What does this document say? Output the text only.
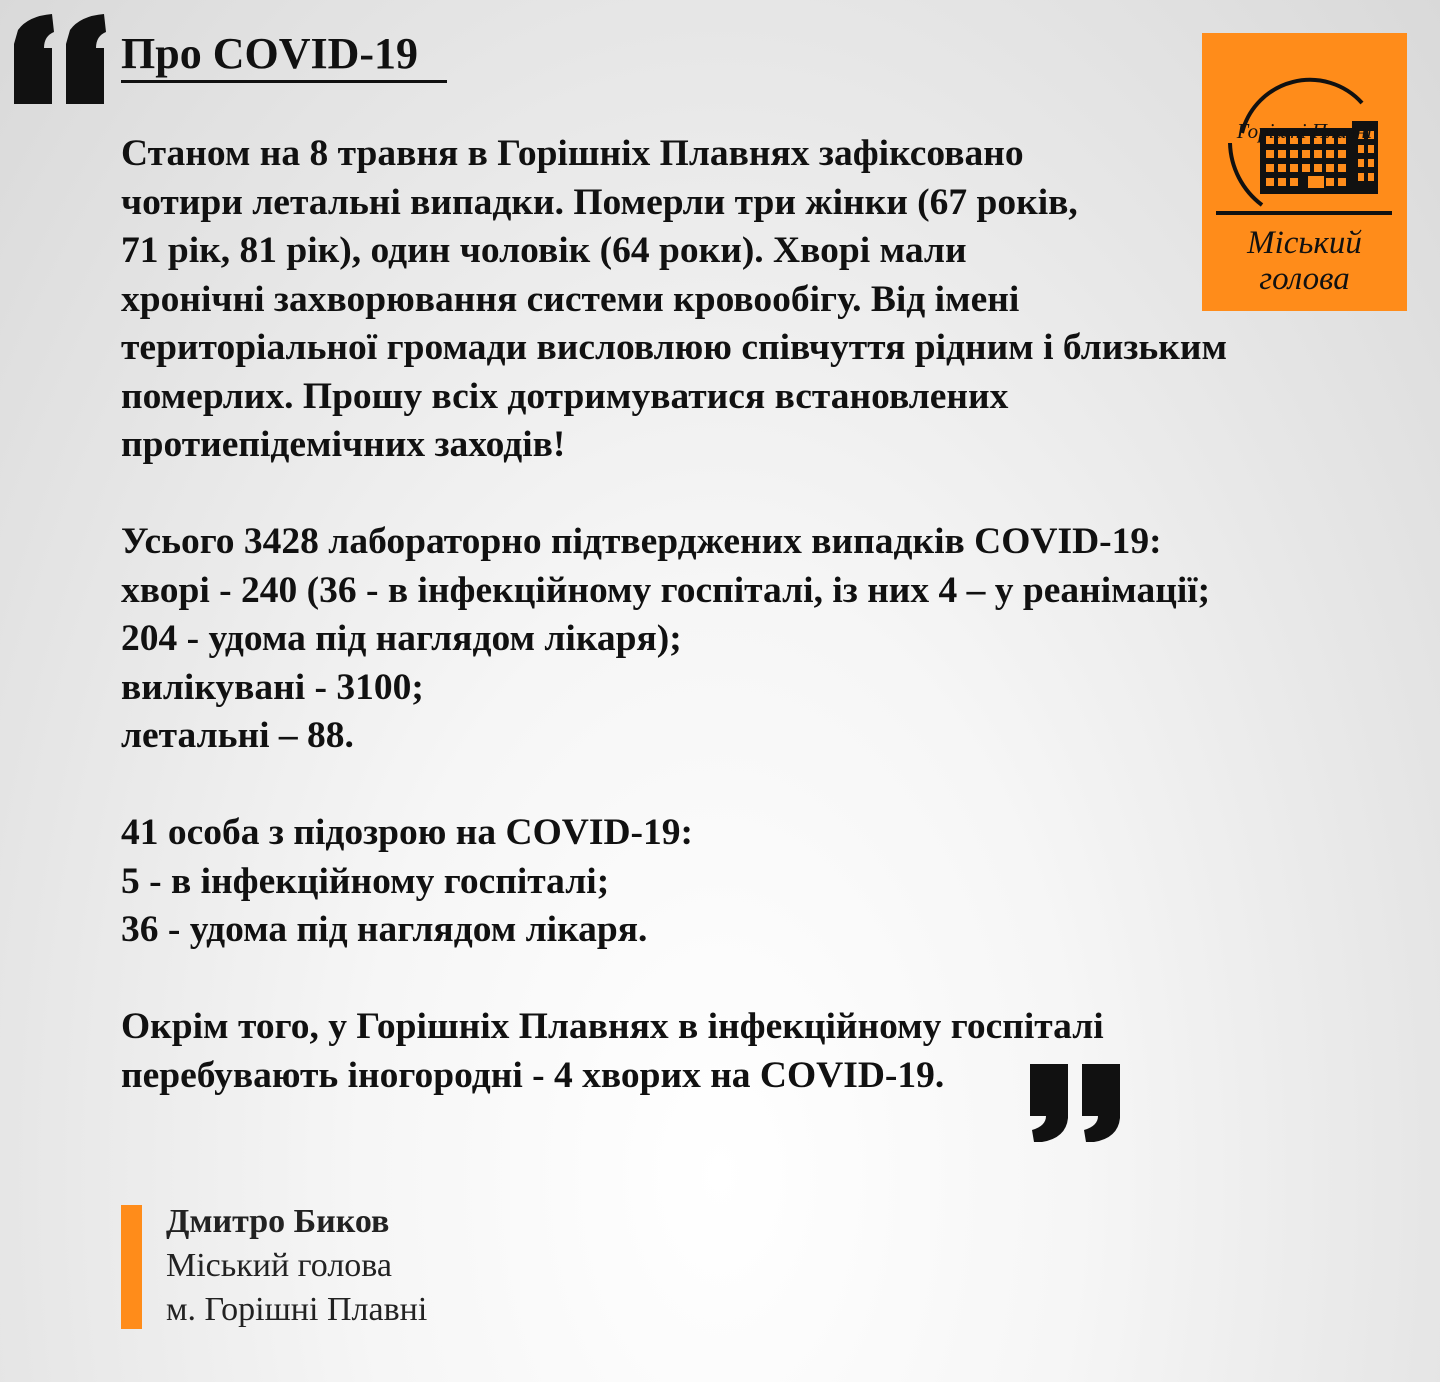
Про COVID-19

Станом на 8 травня в Горішніх Плавнях зафіксовано
чотири летальні випадки. Померли три жінки (67 років,
71 рік, 81 рік), один чоловік (64 роки). Хворі мали
хронічні захворювання системи кровообігу. Від імені
територіальної громади висловлюю співчуття рідним і близьким
померлих. Прошу всіх дотримуватися встановлених
протиепідемічних заходів!

Усього 3428 лабораторно підтверджених випадків COVID-19:
хворі - 240 (36 - в інфекційному госпіталі, із них 4 – у реанімації;
204 - удома під наглядом лікаря);
вилікувані - 3100;
летальні – 88.

41 особа з підозрою на COVID-19:
5 - в інфекційному госпіталі;
36 - удома під наглядом лікаря.

Окрім того, у Горішніх Плавнях в інфекційному госпіталі
перебувають іногородні - 4 хворих на COVID-19.

Горішні Плавні
Міський
голова
Дмитро Биков
Міський голова
м. Горішні Плавні
